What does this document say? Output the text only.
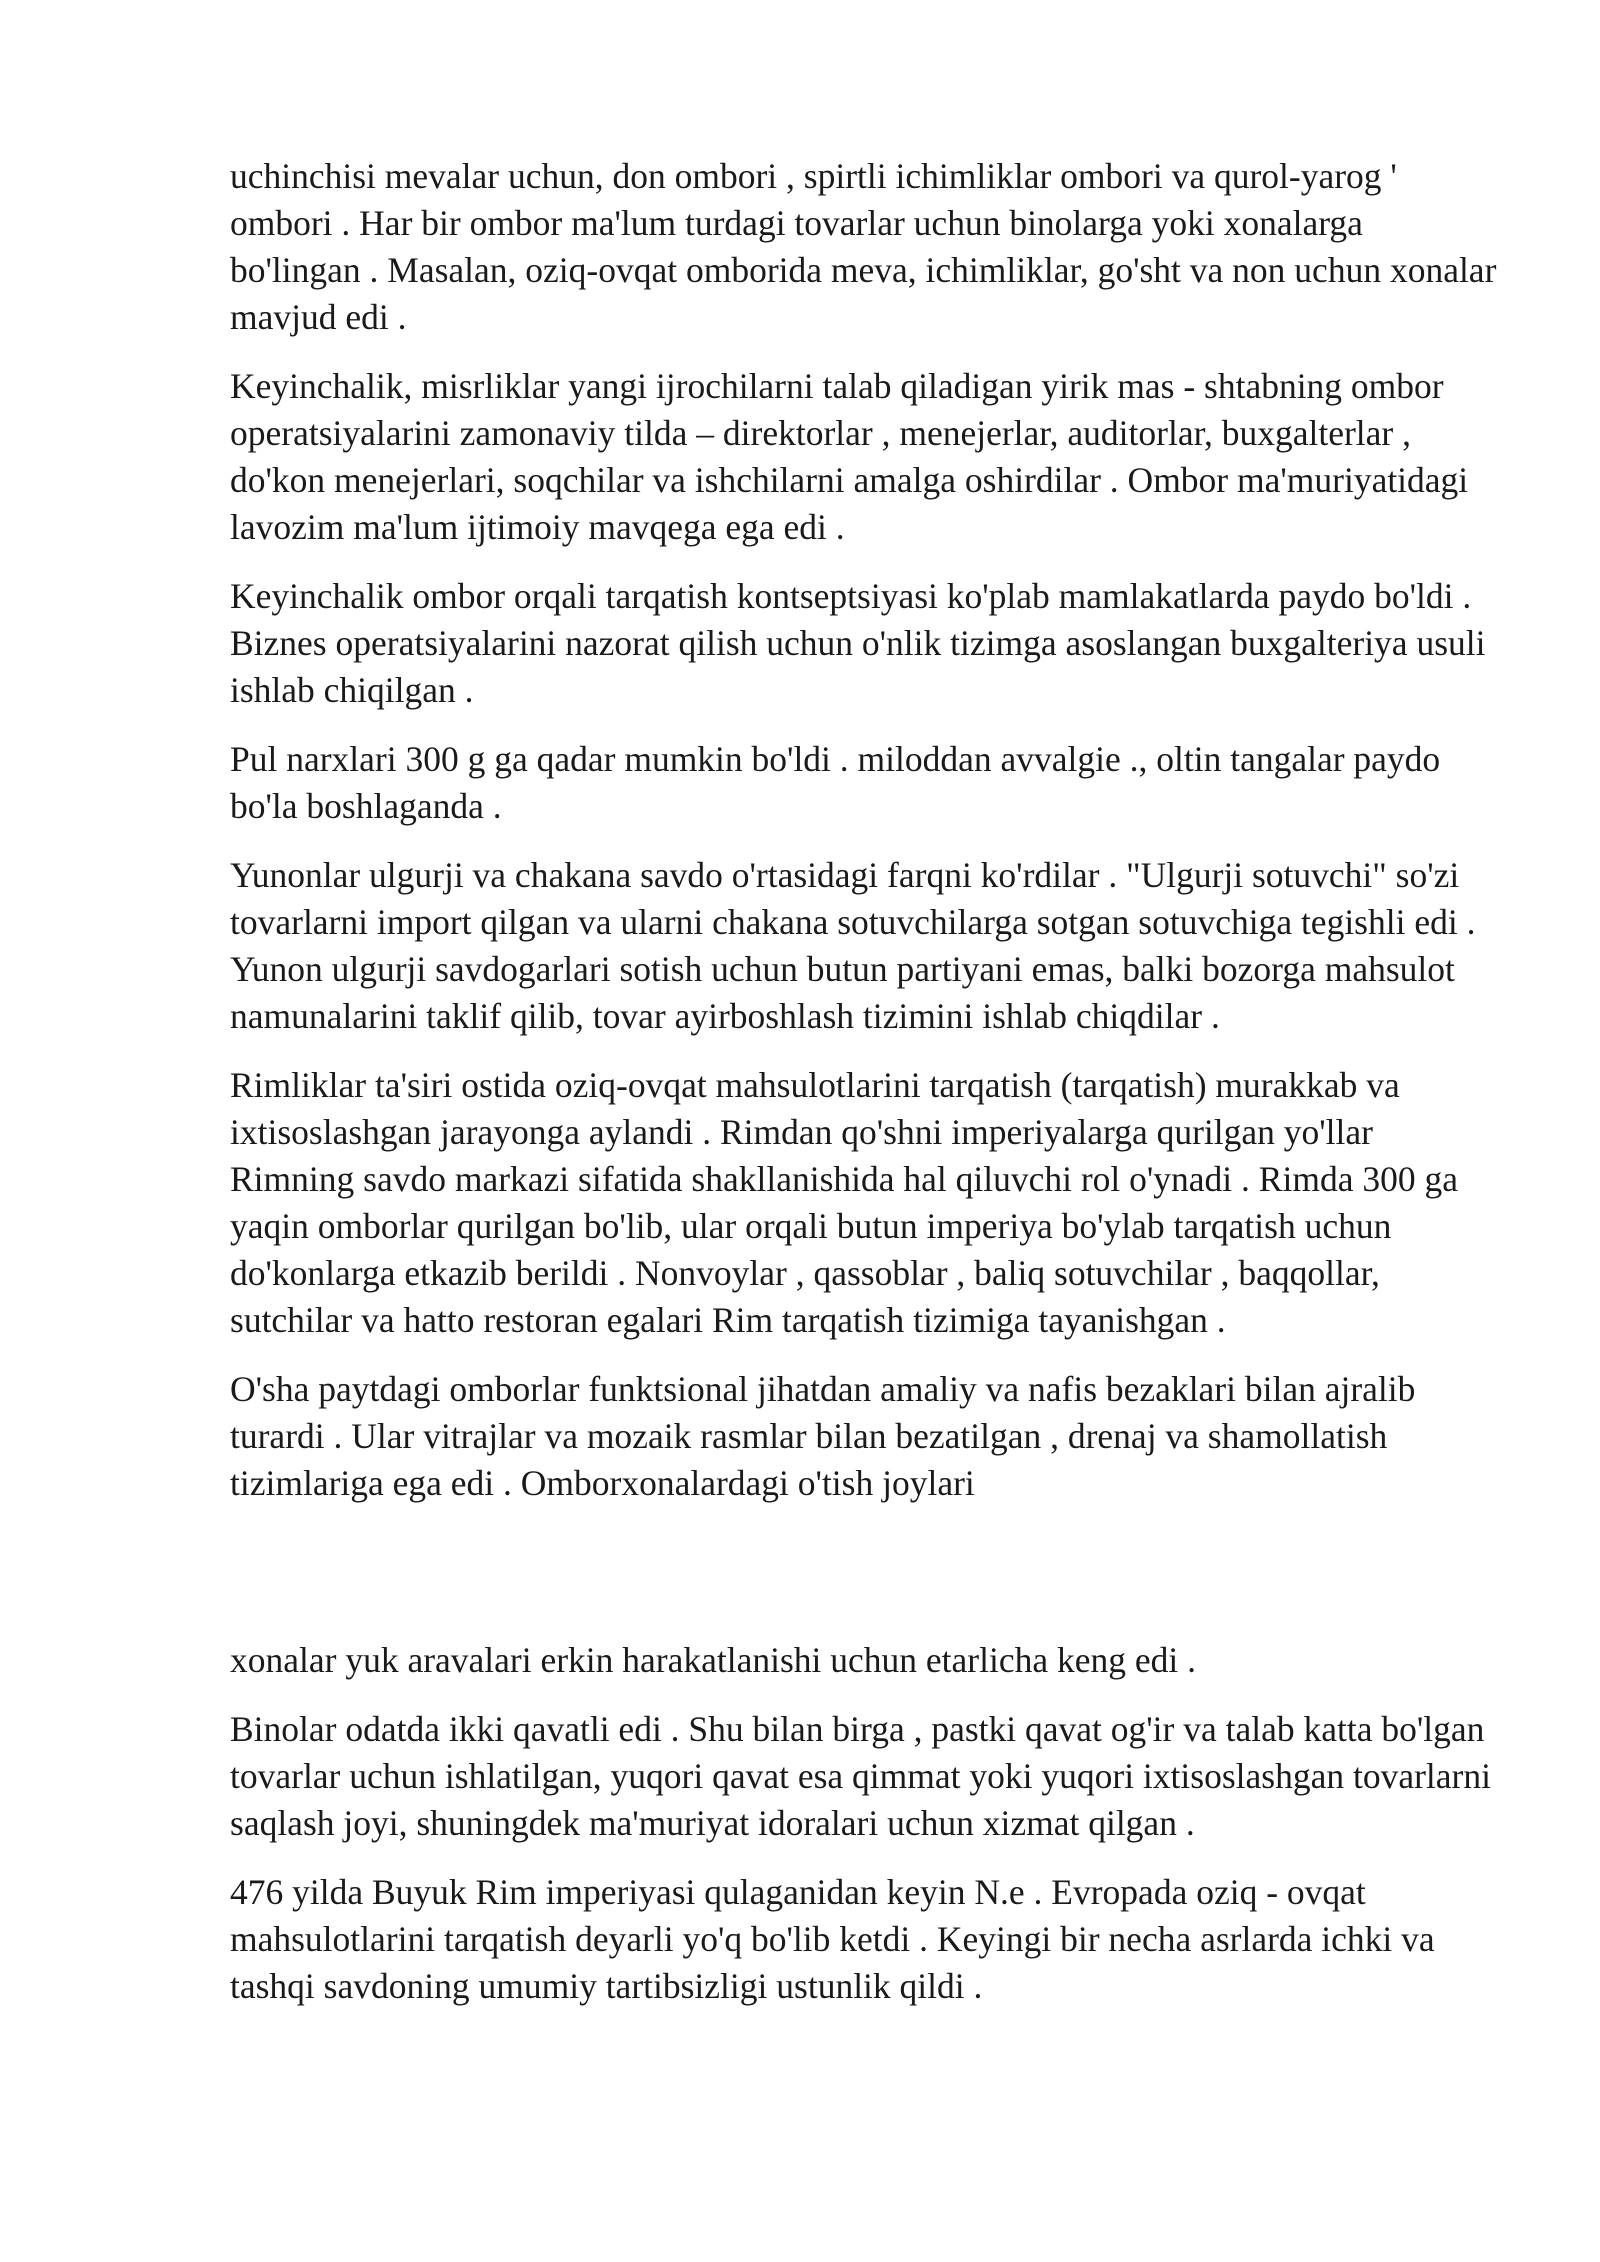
uchinchisi mevalar uchun, don ombori , spirtli ichimliklar ombori va qurol-yarog ' ombori . Har bir ombor ma'lum turdagi tovarlar uchun binolarga yoki xonalarga bo'lingan . Masalan, oziq-ovqat omborida meva, ichimliklar, go'sht va non uchun xonalar mavjud edi .

Keyinchalik, misrliklar yangi ijrochilarni talab qiladigan yirik mas - shtabning ombor operatsiyalarini zamonaviy tilda – direktorlar , menejerlar, auditorlar, buxgalterlar , do'kon menejerlari, soqchilar va ishchilarni amalga oshirdilar . Ombor ma'muriyatidagi lavozim ma'lum ijtimoiy mavqega ega edi .

Keyinchalik ombor orqali tarqatish kontseptsiyasi ko'plab mamlakatlarda paydo bo'ldi . Biznes operatsiyalarini nazorat qilish uchun o'nlik tizimga asoslangan buxgalteriya usuli ishlab chiqilgan .

Pul narxlari 300 g ga qadar mumkin bo'ldi . miloddan avvalgie ., oltin tangalar paydo bo'la boshlaganda .

Yunonlar ulgurji va chakana savdo o'rtasidagi farqni ko'rdilar . "Ulgurji sotuvchi" so'zi tovarlarni import qilgan va ularni chakana sotuvchilarga sotgan sotuvchiga tegishli edi . Yunon ulgurji savdogarlari sotish uchun butun partiyani emas, balki bozorga mahsulot namunalarini taklif qilib, tovar ayirboshlash tizimini ishlab chiqdilar .

Rimliklar ta'siri ostida oziq-ovqat mahsulotlarini tarqatish (tarqatish) murakkab va ixtisoslashgan jarayonga aylandi . Rimdan qo'shni imperiyalarga qurilgan yo'llar Rimning savdo markazi sifatida shakllanishida hal qiluvchi rol o'ynadi . Rimda 300 ga yaqin omborlar qurilgan bo'lib, ular orqali butun imperiya bo'ylab tarqatish uchun do'konlarga etkazib berildi . Nonvoylar , qassoblar , baliq sotuvchilar , baqqollar, sutchilar va hatto restoran egalari Rim tarqatish tizimiga tayanishgan .

O'sha paytdagi omborlar funktsional jihatdan amaliy va nafis bezaklari bilan ajralib turardi . Ular vitrajlar va mozaik rasmlar bilan bezatilgan , drenaj va shamollatish tizimlariga ega edi . Omborxonalardagi o'tish joylari

xonalar yuk aravalari erkin harakatlanishi uchun etarlicha keng edi .

Binolar odatda ikki qavatli edi . Shu bilan birga , pastki qavat og'ir va talab katta bo'lgan tovarlar uchun ishlatilgan, yuqori qavat esa qimmat yoki yuqori ixtisoslashgan tovarlarni saqlash joyi, shuningdek ma'muriyat idoralari uchun xizmat qilgan .

476 yilda Buyuk Rim imperiyasi qulaganidan keyin N.e . Evropada oziq - ovqat mahsulotlarini tarqatish deyarli yo'q bo'lib ketdi . Keyingi bir necha asrlarda ichki va tashqi savdoning umumiy tartibsizligi ustunlik qildi .
